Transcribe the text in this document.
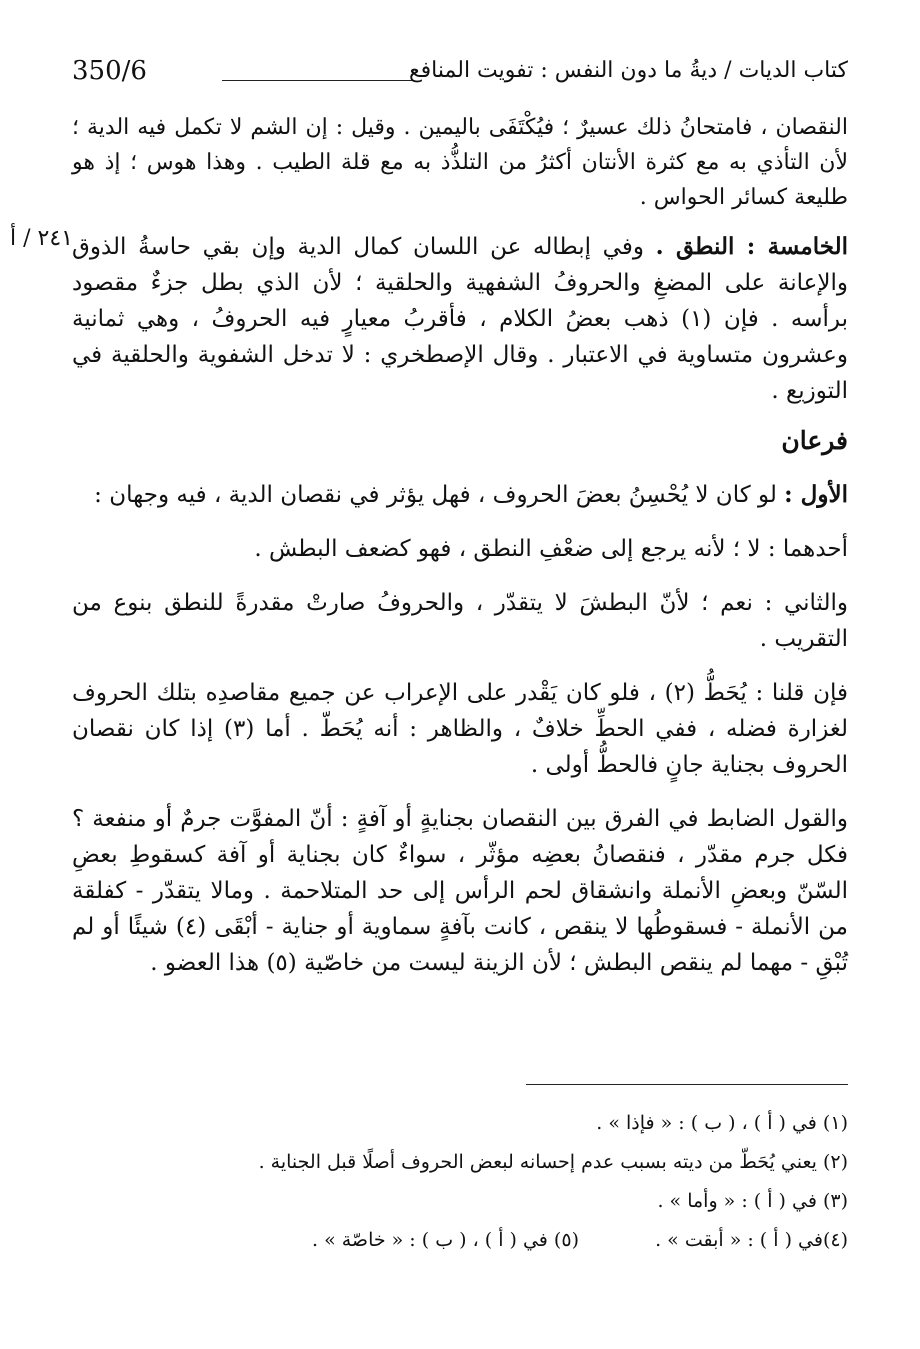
350/6	كتاب الديات / ديةُ ما دون النفس : تفويت المنافع
٢٤١ / أ

النقصان ، فامتحانُ ذلك عسيرٌ ؛ فيُكْتَفَى باليمين . وقيل : إن الشم لا تكمل فيه الدية ؛ لأن التأذي به مع كثرة الأنتان أكثرُ من التلذُّذ به مع قلة الطيب . وهذا هوس ؛ إذ هو طليعة كسائر الحواس .

الخامسة : النطق . وفي إبطاله عن اللسان كمال الدية وإن بقي حاسةُ الذوق والإعانة على المضغِ والحروفُ الشفهية والحلقية ؛ لأن الذي بطل جزءٌ مقصود برأسه . فإن (١) ذهب بعضُ الكلام ، فأقربُ معيارٍ فيه الحروفُ ، وهي ثمانية وعشرون متساوية في الاعتبار . وقال الإصطخري : لا تدخل الشفوية والحلقية في التوزيع .

فرعان

الأول : لو كان لا يُحْسِنُ بعضَ الحروف ، فهل يؤثر في نقصان الدية ، فيه وجهان :

أحدهما : لا ؛ لأنه يرجع إلى ضعْفِ النطق ، فهو كضعف البطش .

والثاني : نعم ؛ لأنّ البطشَ لا يتقدّر ، والحروفُ صارتْ مقدرةً للنطق بنوع من التقريب .

فإن قلنا : يُحَطُّ (٢) ، فلو كان يَقْدر على الإعراب عن جميع مقاصدِه بتلك الحروف لغزارة فضله ، ففي الحطِّ خلافٌ ، والظاهر : أنه يُحَطّ . أما (٣) إذا كان نقصان الحروف بجناية جانٍ فالحطُّ أولى .

والقول الضابط في الفرق بين النقصان بجنايةٍ أو آفةٍ : أنّ المفوَّت جرمٌ أو منفعة ؟ فكل جرم مقدّر ، فنقصانُ بعضِه مؤثّر ، سواءٌ كان بجناية أو آفة كسقوطِ بعضِ السّنّ وبعضِ الأنملة وانشقاق لحم الرأس إلى حد المتلاحمة . ومالا يتقدّر - كفلقة من الأنملة - فسقوطُها لا ينقص ، كانت بآفةٍ سماوية أو جناية - أبْقَى (٤) شيئًا أو لم تُبْقِ - مهما لم ينقص البطش ؛ لأن الزينة ليست من خاصّية (٥) هذا العضو .

(١) في ( أ ) ، ( ب ) : « فإذا » .
(٢) يعني يُحَطّ من ديته بسبب عدم إحسانه لبعض الحروف أصلًا قبل الجناية .
(٣) في ( أ ) : « وأما » .
(٤)في ( أ ) : « أبقت » .
(٥) في ( أ ) ، ( ب ) : « خاصّة » .
